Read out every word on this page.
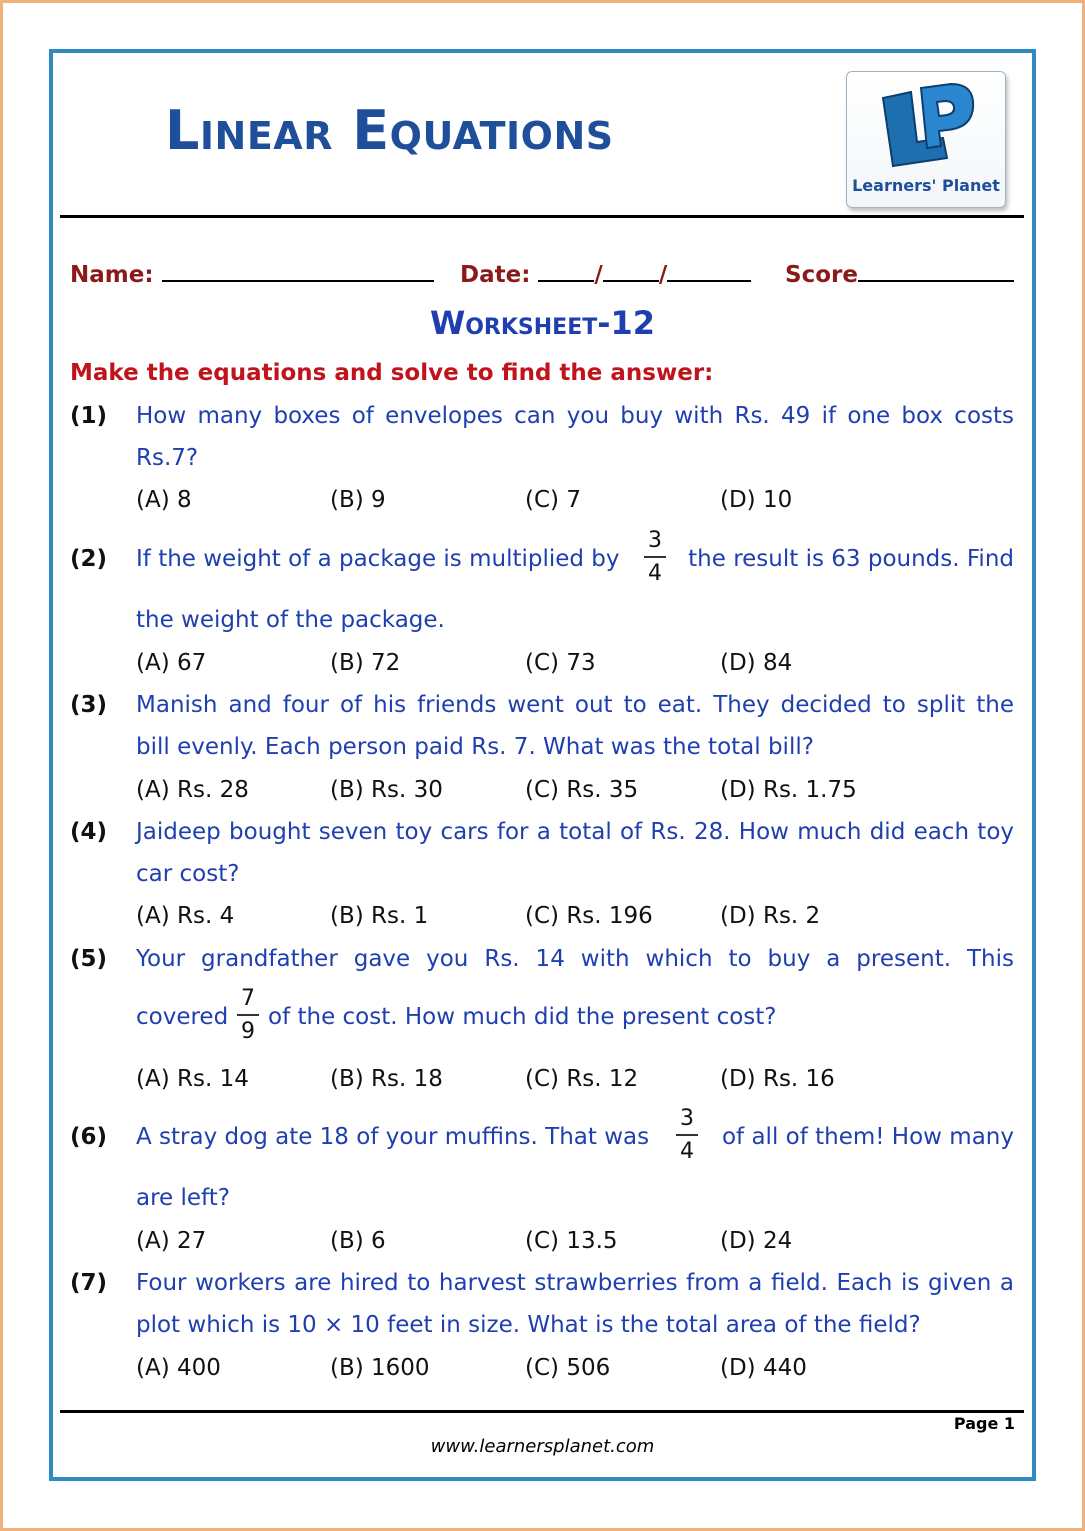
Linear Equations
Learners' Planet
Name:	Date:	/ /	Score
Worksheet-12
Make the equations and solve to find the answer:
(1) How many boxes of envelopes can you buy with Rs. 49 if one box costs
Rs.7?
(A) 8	(B) 9	(C) 7	(D) 10
(2) If the weight of a package is multiplied by
3
4
the result is 63 pounds. Find
the weight of the package.
(A) 67	(B) 72	(C) 73	(D) 84
(3) Manish and four of his friends went out to eat. They decided to split the
bill evenly. Each person paid Rs. 7. What was the total bill?
(A) Rs. 28	(B) Rs. 30	(C) Rs. 35	(D) Rs. 1.75
(4) Jaideep bought seven toy cars for a total of Rs. 28. How much did each toy
car cost?
(A) Rs. 4	(B) Rs. 1	(C) Rs. 196	(D) Rs. 2
(5) Your grandfather gave you Rs. 14 with which to buy a present. This
covered
7
9
of the cost. How much did the present cost?
(A) Rs. 14	(B) Rs. 18	(C) Rs. 12	(D) Rs. 16
(6) A stray dog ate 18 of your muffins. That was
3
4
of all of them! How many
are left?
(A) 27	(B) 6	(C) 13.5	(D) 24
(7) Four workers are hired to harvest strawberries from a field. Each is given a
plot which is 10 × 10 feet in size. What is the total area of the field?
(A) 400	(B) 1600	(C) 506	(D) 440
Page 1
www.learnersplanet.com
